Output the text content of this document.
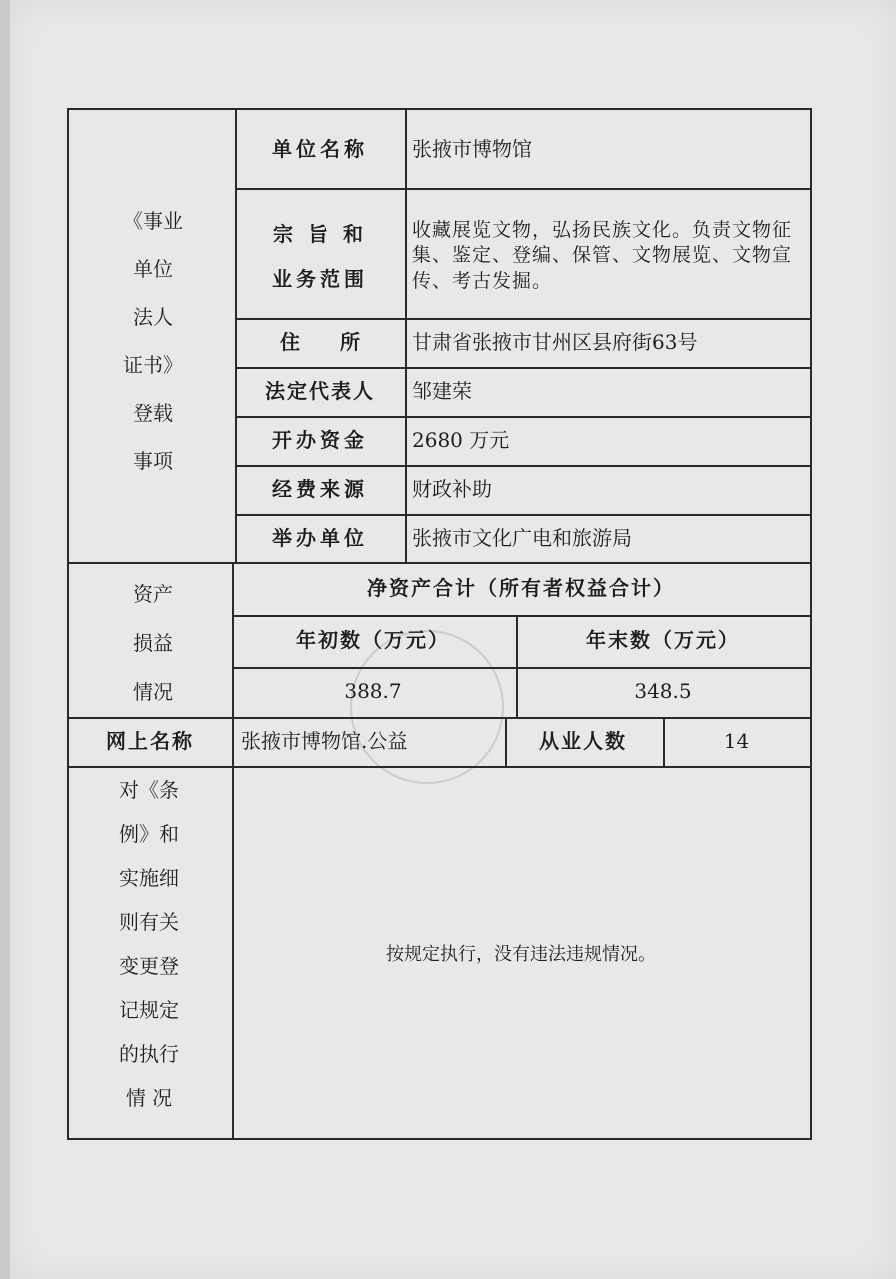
《事业
单位
法人
证书》
登载
事项
单位名称	张掖市博物馆
宗 旨 和
业务范围
收藏展览文物，弘扬民族文化。负责文物征集、鉴定、登编、保管、文物展览、文物宣传、考古发掘。
住　　所	甘肃省张掖市甘州区县府街63号
法定代表人	邹建荣
开办资金	2680 万元
经费来源	财政补助
举办单位	张掖市文化广电和旅游局
资产
损益
情况
净资产合计（所有者权益合计）
年初数（万元）	年末数（万元）
388.7	348.5
网上名称	张掖市博物馆.公益	从业人数	14
对《条
例》和
实施细
则有关
变更登
记规定
的执行
情 况
按规定执行，没有违法违规情况。
